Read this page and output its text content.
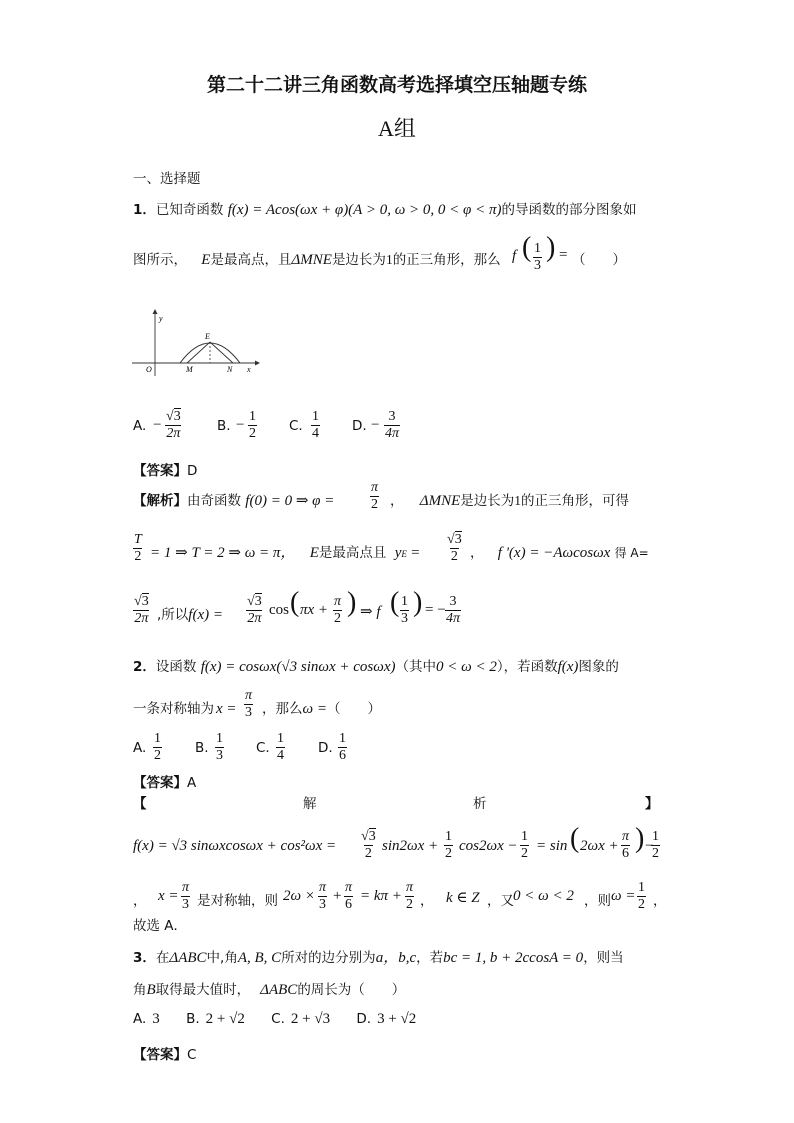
第二十二讲三角函数高考选择填空压轴题专练
A组
一、选择题
1．已知奇函数 f(x) = Acos(ωx + φ)(A > 0, ω > 0, 0 < φ < π)的导函数的部分图象如
图所示， E是最高点，且ΔMNE是边长为1的正三角形，那么 f ( 1
3
) = （　　）
y
E
O	M	N x
A. −
√3
2π	B. −
1
2 C.
1
4 D. −
3
4π
【答案】D
【解析】由奇函数 f(0) = 0 ⇒ φ =
π
2 ， ΔMNE是边长为1的正三角形，可得
T
2 = 1 ⇒ T = 2 ⇒ ω = π， E是最高点且 yE =
√3
2 ， f '(x) = −Aωcosωx 得 A=
√3
2π ,所以f(x) =
√3
2π
cos ( πx +
π
2
) ⇒ f ( 1
3
) = −
3
4π
2．设函数 f(x) = cosωx(√3 sinωx + cosωx)（其中0 < ω < 2），若函数f(x)图象的
一条对称轴为 x =
π
3 ，那么ω =（　　）
A.
1
2	B.
1
3 C.
1
4	D.
1
6
【答案】A
【	解	析	】
f(x) = √3 sinωxcosωx + cos²ωx =
√3
2 sin2ωx +
1
2 cos2ωx −
1
2 = sin ( 2ωx +
π
6 ) −
1
2
， x =
π
3 是对称轴，则 2ω ×
π
3
+
π
6
= kπ +
π
2 ， k ∈ Z ，又 0 < ω < 2 ，则 ω =
1
2 ，
故选 A．
3．在ΔABC中,角A, B, C所对的边分别为a，b,c，若bc = 1, b + 2ccosA = 0，则当
角B取得最大值时， ΔABC的周长为（　　）
A. 3 B. 2 + √2 C. 2 + √3 D. 3 + √2
【答案】C
